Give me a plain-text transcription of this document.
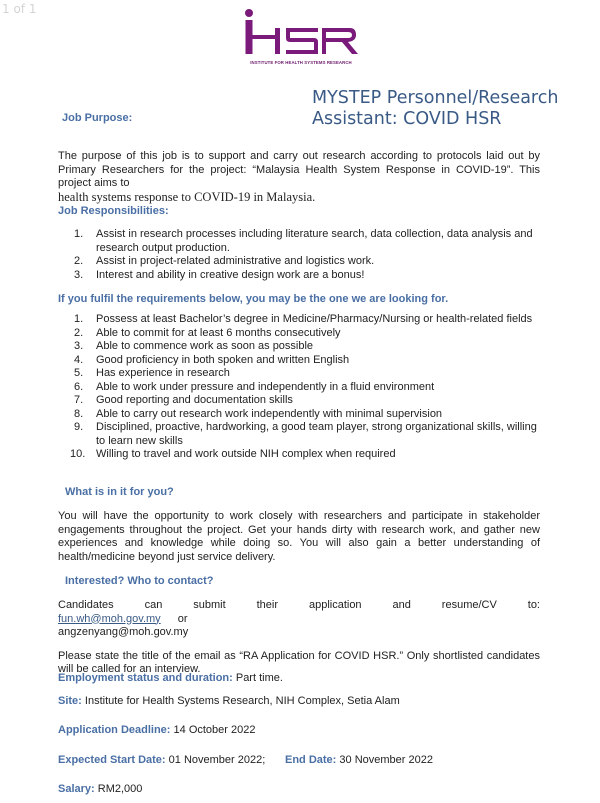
1 of 1
INSTITUTE FOR HEALTH SYSTEMS RESEARCH
MYSTEP Personnel/Research
Assistant: COVID HSR
Job Purpose:
The purpose of this job is to support and carry out research according to protocols laid out by Primary Researchers for the project: “Malaysia Health System Response in COVID-19”. This project aims to
health systems response to COVID-19 in Malaysia.
Job Responsibilities:
1.	Assist in research processes including literature search, data collection, data analysis and research output production.
2.	Assist in project-related administrative and logistics work.
3.	Interest and ability in creative design work are a bonus!
If you fulfil the requirements below, you may be the one we are looking for.
1.	Possess at least Bachelor’s degree in Medicine/Pharmacy/Nursing or health-related fields
2.	Able to commit for at least 6 months consecutively
3.	Able to commence work as soon as possible
4.	Good proficiency in both spoken and written English
5.	Has experience in research
6.	Able to work under pressure and independently in a fluid environment
7.	Good reporting and documentation skills
8.	Able to carry out research work independently with minimal supervision
9.	Disciplined, proactive, hardworking, a good team player, strong organizational skills, willing to learn new skills
10. Willing to travel and work outside NIH complex when required
What is in it for you?
You will have the opportunity to work closely with researchers and participate in stakeholder engagements throughout the project. Get your hands dirty with research work, and gather new experiences and knowledge while doing so. You will also gain a better understanding of health/medicine beyond just service delivery.
Interested? Who to contact?
Candidates can submit their application and resume/CV to: fun.wh@moh.gov.my or
angzenyang@moh.gov.my
Please state the title of the email as “RA Application for COVID HSR.” Only shortlisted candidates will be called for an interview.
Employment status and duration: Part time.
Site: Institute for Health Systems Research, NIH Complex, Setia Alam
Application Deadline: 14 October 2022
Expected Start Date: 01 November 2022; End Date: 30 November 2022
Salary: RM2,000
